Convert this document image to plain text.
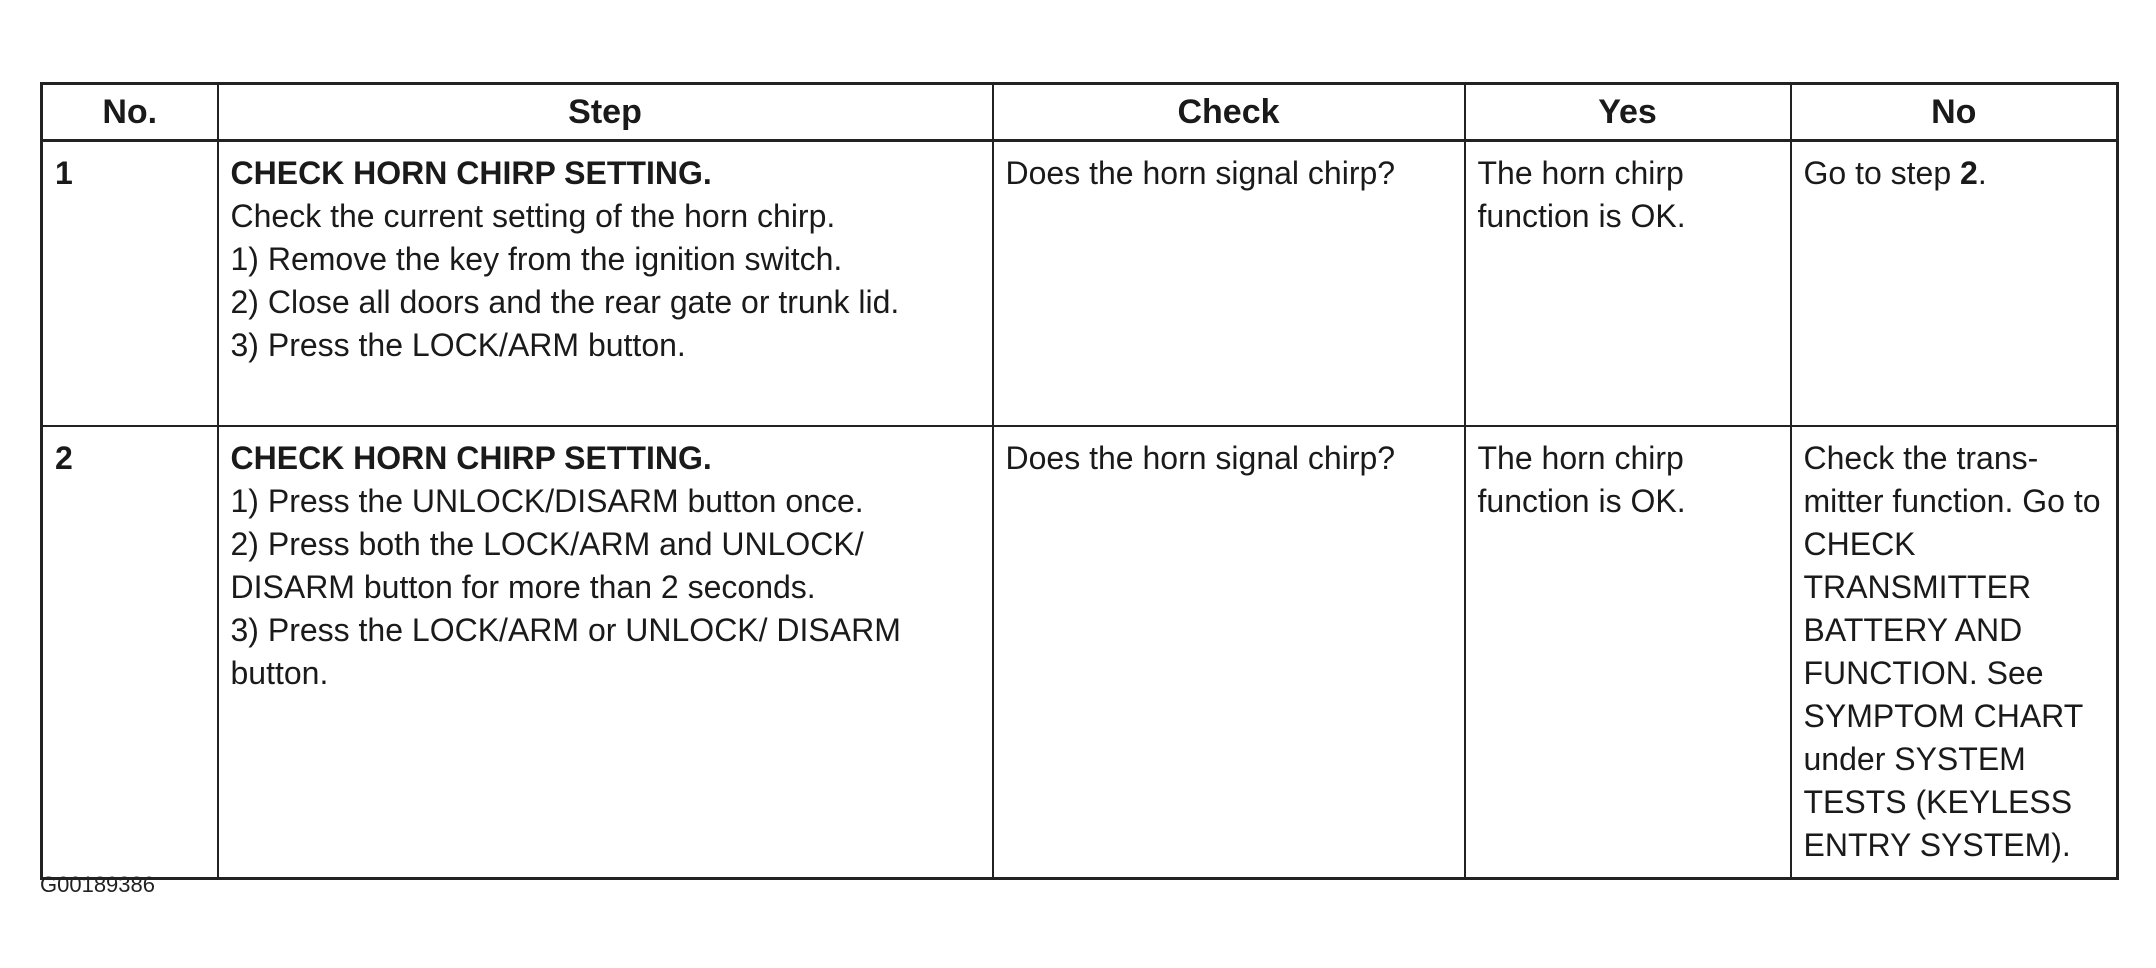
No.	Step	Check	Yes	No
1	CHECK HORN CHIRP SETTING.
Check the current setting of the horn chirp.
1) Remove the key from the ignition switch.
2) Close all doors and the rear gate or trunk lid.
3) Press the LOCK/ARM button.	Does the horn signal chirp?	The horn chirp function is OK.	Go to step 2.
2	CHECK HORN CHIRP SETTING.
1) Press the UNLOCK/DISARM button once.
2) Press both the LOCK/ARM and UNLOCK/ DISARM button for more than 2 seconds.
3) Press the LOCK/ARM or UNLOCK/ DISARM button.	Does the horn signal chirp?	The horn chirp function is OK.	Check the trans-mitter function. Go to CHECK TRANSMITTER BATTERY AND FUNCTION. See SYMPTOM CHART under SYSTEM TESTS (KEYLESS ENTRY SYSTEM).
G00189386
